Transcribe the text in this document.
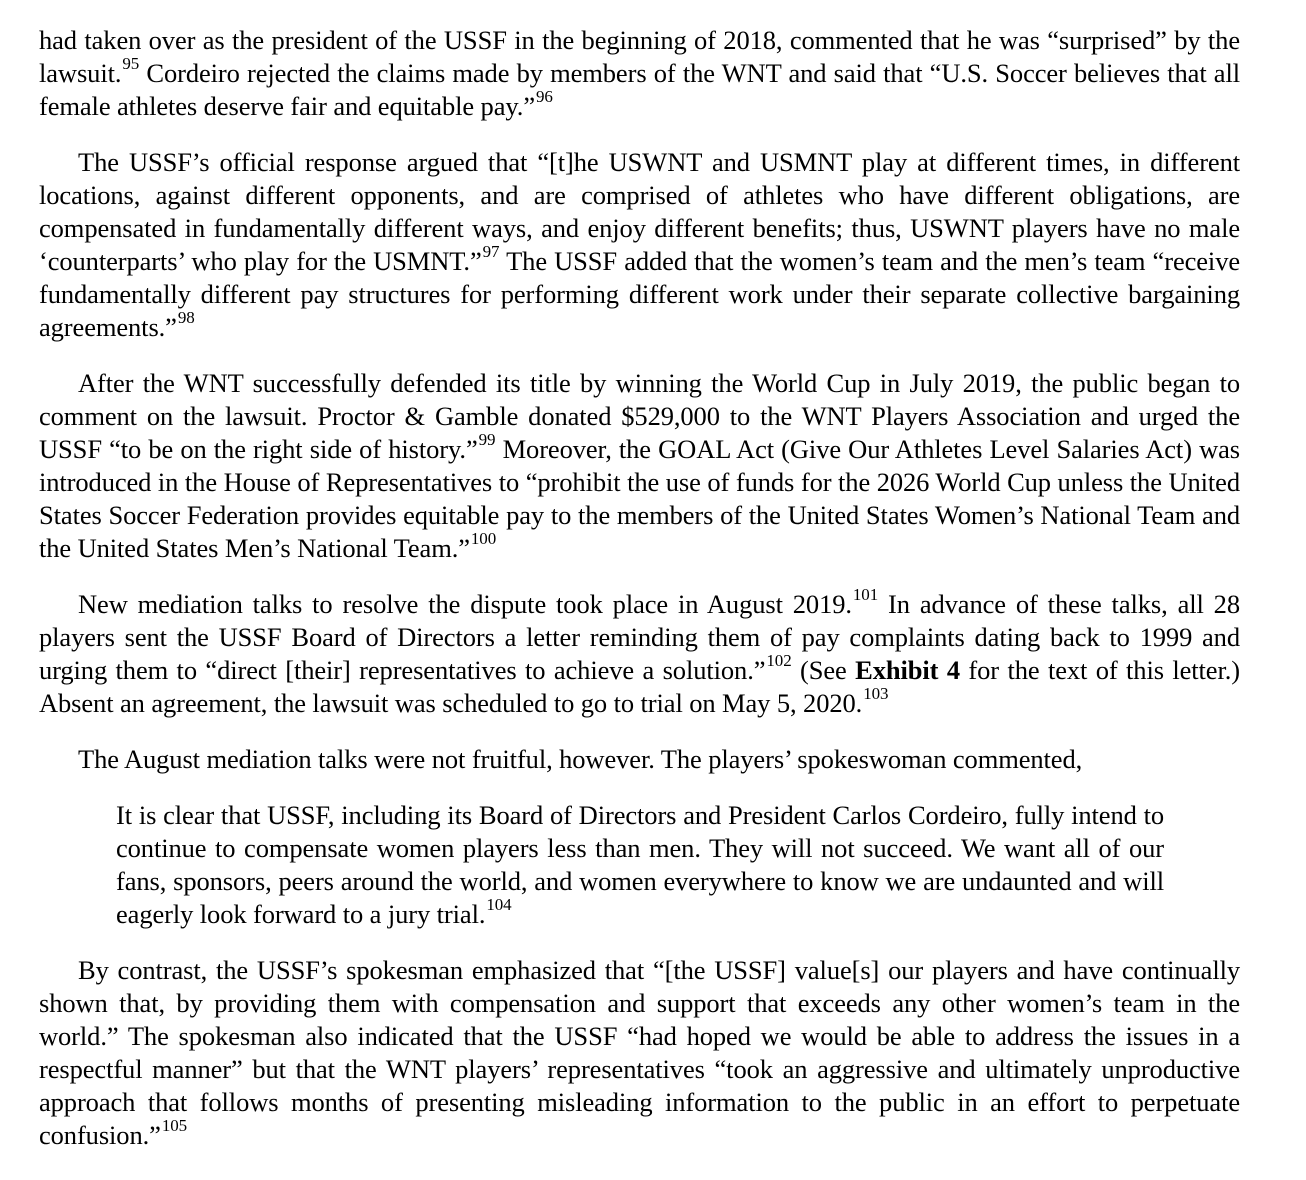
had taken over as the president of the USSF in the beginning of 2018, commented that he was “surprised” by the lawsuit.$^{95}$ Cordeiro rejected the claims made by members of the WNT and said that “U.S. Soccer believes that all female athletes deserve fair and equitable pay.”$^{96}$

The USSF’s official response argued that “[t]he USWNT and USMNT play at different times, in different locations, against different opponents, and are comprised of athletes who have different obligations, are compensated in fundamentally different ways, and enjoy different benefits; thus, USWNT players have no male ‘counterparts’ who play for the USMNT.”$^{97}$ The USSF added that the women’s team and the men’s team “receive fundamentally different pay structures for performing different work under their separate collective bargaining agreements.”$^{98}$

After the WNT successfully defended its title by winning the World Cup in July 2019, the public began to comment on the lawsuit. Proctor & Gamble donated $529,000 to the WNT Players Association and urged the USSF “to be on the right side of history.”$^{99}$ Moreover, the GOAL Act (Give Our Athletes Level Salaries Act) was introduced in the House of Representatives to “prohibit the use of funds for the 2026 World Cup unless the United States Soccer Federation provides equitable pay to the members of the United States Women’s National Team and the United States Men’s National Team.”$^{100}$

New mediation talks to resolve the dispute took place in August 2019.$^{101}$ In advance of these talks, all 28 players sent the USSF Board of Directors a letter reminding them of pay complaints dating back to 1999 and urging them to “direct [their] representatives to achieve a solution.”$^{102}$ (See Exhibit 4 for the text of this letter.) Absent an agreement, the lawsuit was scheduled to go to trial on May 5, 2020.$^{103}$

The August mediation talks were not fruitful, however. The players’ spokeswoman commented,

It is clear that USSF, including its Board of Directors and President Carlos Cordeiro, fully intend to continue to compensate women players less than men. They will not succeed. We want all of our fans, sponsors, peers around the world, and women everywhere to know we are undaunted and will eagerly look forward to a jury trial.$^{104}$

By contrast, the USSF’s spokesman emphasized that “[the USSF] value[s] our players and have continually shown that, by providing them with compensation and support that exceeds any other women’s team in the world.” The spokesman also indicated that the USSF “had hoped we would be able to address the issues in a respectful manner” but that the WNT players’ representatives “took an aggressive and ultimately unproductive approach that follows months of presenting misleading information to the public in an effort to perpetuate confusion.”$^{105}$
